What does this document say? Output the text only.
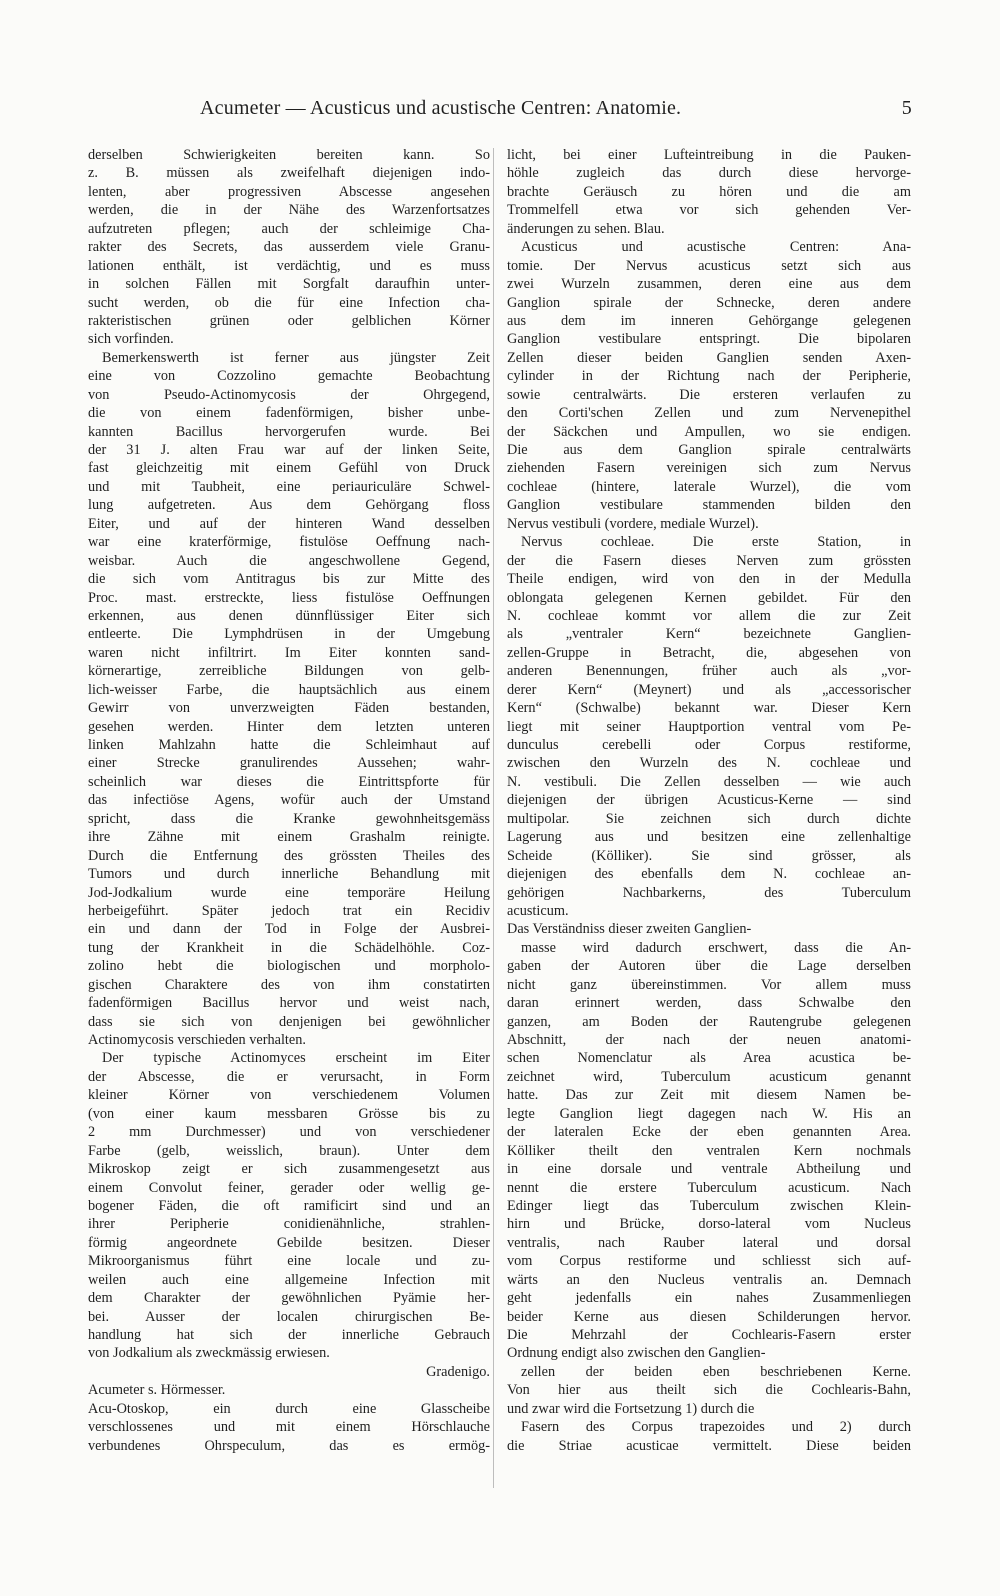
Acumeter — Acusticus und acustische Centren: Anatomie.	5
derselben Schwierigkeiten bereiten kann. So
z. B. müssen als zweifelhaft diejenigen indo-
lenten, aber progressiven Abscesse angesehen
werden, die in der Nähe des Warzenfortsatzes
aufzutreten pflegen; auch der schleimige Cha-
rakter des Secrets, das ausserdem viele Granu-
lationen enthält, ist verdächtig, und es muss
in solchen Fällen mit Sorgfalt daraufhin unter-
sucht werden, ob die für eine Infection cha-
rakteristischen grünen oder gelblichen Körner
sich vorfinden.
Bemerkenswerth ist ferner aus jüngster Zeit
eine von Cozzolino gemachte Beobachtung
von Pseudo-Actinomycosis der Ohrgegend,
die von einem fadenförmigen, bisher unbe-
kannten Bacillus hervorgerufen wurde. Bei
der 31 J. alten Frau war auf der linken Seite,
fast gleichzeitig mit einem Gefühl von Druck
und mit Taubheit, eine periauriculäre Schwel-
lung aufgetreten. Aus dem Gehörgang floss
Eiter, und auf der hinteren Wand desselben
war eine kraterförmige, fistulöse Oeffnung nach-
weisbar. Auch die angeschwollene Gegend,
die sich vom Antitragus bis zur Mitte des
Proc. mast. erstreckte, liess fistulöse Oeffnungen
erkennen, aus denen dünnflüssiger Eiter sich
entleerte. Die Lymphdrüsen in der Umgebung
waren nicht infiltrirt. Im Eiter konnten sand-
körnerartige, zerreibliche Bildungen von gelb-
lich-weisser Farbe, die hauptsächlich aus einem
Gewirr von unverzweigten Fäden bestanden,
gesehen werden. Hinter dem letzten unteren
linken Mahlzahn hatte die Schleimhaut auf
einer Strecke granulirendes Aussehen; wahr-
scheinlich war dieses die Eintrittspforte für
das infectiöse Agens, wofür auch der Umstand
spricht, dass die Kranke gewohnheitsgemäss
ihre Zähne mit einem Grashalm reinigte.
Durch die Entfernung des grössten Theiles des
Tumors und durch innerliche Behandlung mit
Jod-Jodkalium wurde eine temporäre Heilung
herbeigeführt. Später jedoch trat ein Recidiv
ein und dann der Tod in Folge der Ausbrei-
tung der Krankheit in die Schädelhöhle. Coz-
zolino hebt die biologischen und morpholo-
gischen Charaktere des von ihm constatirten
fadenförmigen Bacillus hervor und weist nach,
dass sie sich von denjenigen bei gewöhnlicher
Actinomycosis verschieden verhalten.
Der typische Actinomyces erscheint im Eiter
der Abscesse, die er verursacht, in Form
kleiner Körner von verschiedenem Volumen
(von einer kaum messbaren Grösse bis zu
2 mm Durchmesser) und von verschiedener
Farbe (gelb, weisslich, braun). Unter dem
Mikroskop zeigt er sich zusammengesetzt aus
einem Convolut feiner, gerader oder wellig ge-
bogener Fäden, die oft ramificirt sind und an
ihrer Peripherie conidienähnliche, strahlen-
förmig angeordnete Gebilde besitzen. Dieser
Mikroorganismus führt eine locale und zu-
weilen auch eine allgemeine Infection mit
dem Charakter der gewöhnlichen Pyämie her-
bei. Ausser der localen chirurgischen Be-
handlung hat sich der innerliche Gebrauch
von Jodkalium als zweckmässig erwiesen.
Gradenigo.
Acumeter s. Hörmesser.
Acu-Otoskop, ein durch eine Glasscheibe
verschlossenes und mit einem Hörschlauche
verbundenes Ohrspeculum, das es ermög-
licht, bei einer Lufteintreibung in die Pauken-
höhle zugleich das durch diese hervorge-
brachte Geräusch zu hören und die am
Trommelfell etwa vor sich gehenden Ver-
änderungen zu sehen. Blau.
Acusticus und acustische Centren: Ana-
tomie. Der Nervus acusticus setzt sich aus
zwei Wurzeln zusammen, deren eine aus dem
Ganglion spirale der Schnecke, deren andere
aus dem im inneren Gehörgange gelegenen
Ganglion vestibulare entspringt. Die bipolaren
Zellen dieser beiden Ganglien senden Axen-
cylinder in der Richtung nach der Peripherie,
sowie centralwärts. Die ersteren verlaufen zu
den Corti'schen Zellen und zum Nervenepithel
der Säckchen und Ampullen, wo sie endigen.
Die aus dem Ganglion spirale centralwärts
ziehenden Fasern vereinigen sich zum Nervus
cochleae (hintere, laterale Wurzel), die vom
Ganglion vestibulare stammenden bilden den
Nervus vestibuli (vordere, mediale Wurzel).
Nervus cochleae. Die erste Station, in
der die Fasern dieses Nerven zum grössten
Theile endigen, wird von den in der Medulla
oblongata gelegenen Kernen gebildet. Für den
N. cochleae kommt vor allem die zur Zeit
als „ventraler Kern“ bezeichnete Ganglien-
zellen-Gruppe in Betracht, die, abgesehen von
anderen Benennungen, früher auch als „vor-
derer Kern“ (Meynert) und als „accessorischer
Kern“ (Schwalbe) bekannt war. Dieser Kern
liegt mit seiner Hauptportion ventral vom Pe-
dunculus cerebelli oder Corpus restiforme,
zwischen den Wurzeln des N. cochleae und
N. vestibuli. Die Zellen desselben — wie auch
diejenigen der übrigen Acusticus-Kerne — sind
multipolar. Sie zeichnen sich durch dichte
Lagerung aus und besitzen eine zellenhaltige
Scheide (Kölliker). Sie sind grösser, als
diejenigen des ebenfalls dem N. cochleae an-
gehörigen Nachbarkerns, des Tuberculum
acusticum.
Das Verständniss dieser zweiten Ganglien-
masse wird dadurch erschwert, dass die An-
gaben der Autoren über die Lage derselben
nicht ganz übereinstimmen. Vor allem muss
daran erinnert werden, dass Schwalbe den
ganzen, am Boden der Rautengrube gelegenen
Abschnitt, der nach der neuen anatomi-
schen Nomenclatur als Area acustica be-
zeichnet wird, Tuberculum acusticum genannt
hatte. Das zur Zeit mit diesem Namen be-
legte Ganglion liegt dagegen nach W. His an
der lateralen Ecke der eben genannten Area.
Kölliker theilt den ventralen Kern nochmals
in eine dorsale und ventrale Abtheilung und
nennt die erstere Tuberculum acusticum. Nach
Edinger liegt das Tuberculum zwischen Klein-
hirn und Brücke, dorso-lateral vom Nucleus
ventralis, nach Rauber lateral und dorsal
vom Corpus restiforme und schliesst sich auf-
wärts an den Nucleus ventralis an. Demnach
geht jedenfalls ein nahes Zusammenliegen
beider Kerne aus diesen Schilderungen hervor.
Die Mehrzahl der Cochlearis-Fasern erster
Ordnung endigt also zwischen den Ganglien-
zellen der beiden eben beschriebenen Kerne.
Von hier aus theilt sich die Cochlearis-Bahn,
und zwar wird die Fortsetzung 1) durch die
Fasern des Corpus trapezoides und 2) durch
die Striae acusticae vermittelt. Diese beiden
